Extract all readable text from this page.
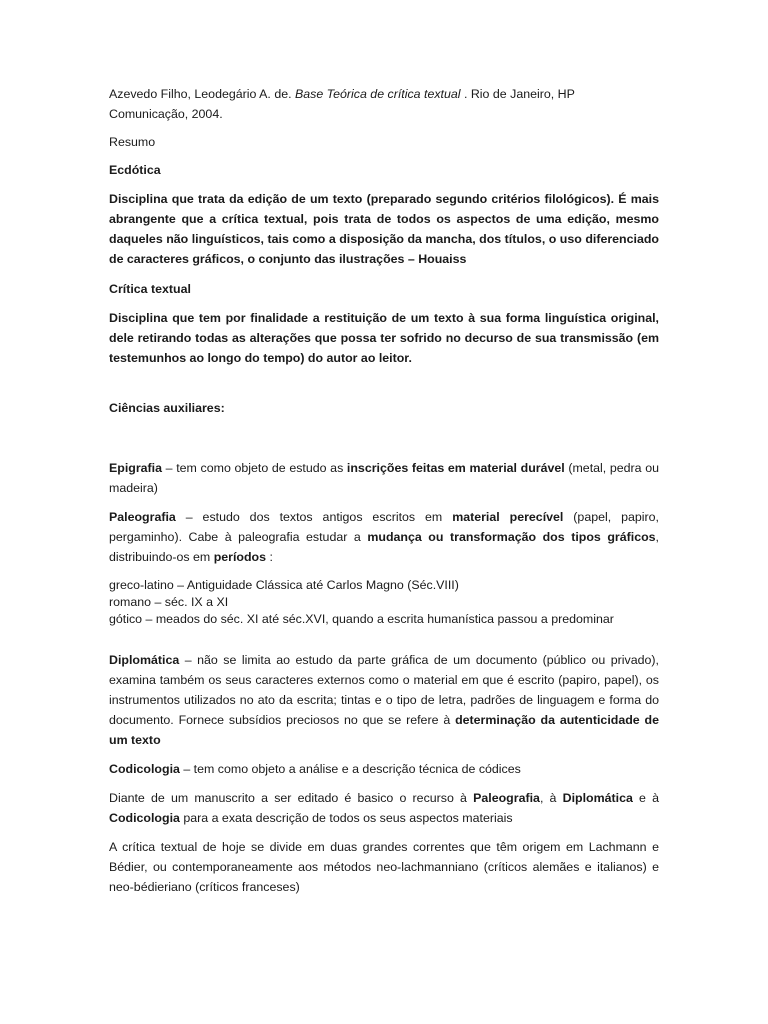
Azevedo Filho, Leodegário A. de. Base Teórica de crítica textual . Rio de Janeiro, HP
Comunicação, 2004.

Resumo

Ecdótica

Disciplina que trata da edição de um texto (preparado segundo critérios filológicos). É mais abrangente que a crítica textual, pois trata de todos os aspectos de uma edição, mesmo daqueles não linguísticos, tais como a disposição da mancha, dos títulos, o uso diferenciado de caracteres gráficos, o conjunto das ilustrações – Houaiss

Crítica textual

Disciplina que tem por finalidade a restituição de um texto à sua forma linguística original, dele retirando todas as alterações que possa ter sofrido no decurso de sua transmissão (em testemunhos ao longo do tempo) do autor ao leitor.

Ciências auxiliares:

Epigrafia – tem como objeto de estudo as inscrições feitas em material durável (metal, pedra ou madeira)

Paleografia – estudo dos textos antigos escritos em material perecível (papel, papiro, pergaminho). Cabe à paleografia estudar a mudança ou transformação dos tipos gráficos, distribuindo-os em períodos :

greco-latino – Antiguidade Clássica até Carlos Magno (Séc.VIII)

romano – séc. IX a XI

gótico – meados do séc. XI até séc.XVI, quando a escrita humanística passou a predominar

Diplomática – não se limita ao estudo da parte gráfica de um documento (público ou privado), examina também os seus caracteres externos como o material em que é escrito (papiro, papel), os instrumentos utilizados no ato da escrita; tintas e o tipo de letra, padrões de linguagem e forma do documento. Fornece subsídios preciosos no que se refere à determinação da autenticidade de um texto

Codicologia – tem como objeto a análise e a descrição técnica de códices

Diante de um manuscrito a ser editado é basico o recurso à Paleografia, à Diplomática e à Codicologia para a exata descrição de todos os seus aspectos materiais

A crítica textual de hoje se divide em duas grandes correntes que têm origem em Lachmann e Bédier, ou contemporaneamente aos métodos neo-lachmanniano (críticos alemães e italianos) e neo-bédieriano (críticos franceses)
